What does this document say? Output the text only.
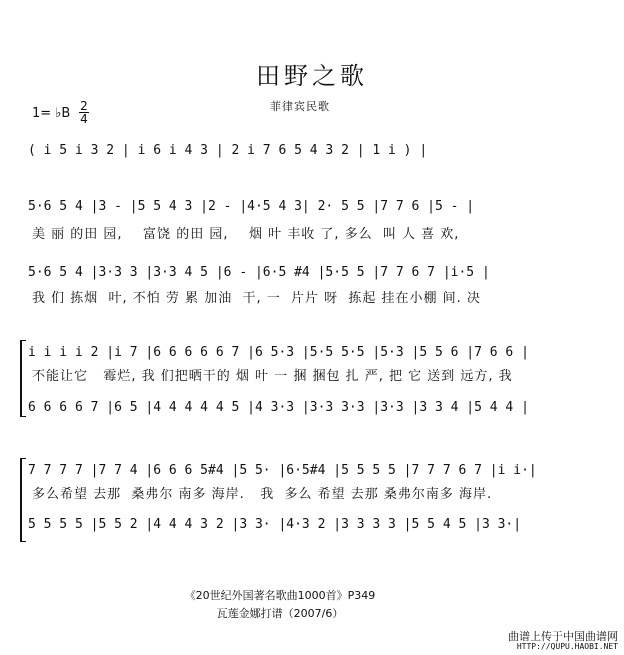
田野之歌
菲律宾民歌
1= ♭B 2
4
( i 5 i 3 2 | i 6 i 4 3 | 2 i 7 6 5 4 3 2 | 1 i ) |
5·6 5 4 |3 - |5 5 4 3 |2 - |4·5 4 3| 2· 5 5 |7 7 6 |5 - |
美 丽 的田 园,    富饶 的田 园,    烟 叶 丰收 了, 多么  叫 人 喜 欢,
5·6 5 4 |3·3 3 |3·3 4 5 |6 - |6·5 #4 |5·5 5 |7 7 6 7 |i·5 |
我 们 拣烟  叶, 不怕 劳 累 加油  干, 一  片片 呀  拣起 挂在小棚 间. 决
i i i i 2 |i 7 |6 6 6 6 6 7 |6 5·3 |5·5 5·5 |5·3 |5 5 6 |7 6 6 |
不能让它   霉烂, 我 们把晒干的 烟 叶 一 捆 捆包 扎 严, 把 它 送到 远方, 我
6 6 6 6 7 |6 5 |4 4 4 4 4 5 |4 3·3 |3·3 3·3 |3·3 |3 3 4 |5 4 4 |
7 7 7 7 |7 7 4 |6 6 6 5#4 |5 5· |6·5#4 |5 5 5 5 |7 7 7 6 7 |i i·|
多么希望 去那  桑弗尔 南多 海岸.   我  多么 希望 去那 桑弗尔南多 海岸.
5 5 5 5 |5 5 2 |4 4 4 3 2 |3 3· |4·3 2 |3 3 3 3 |5 5 4 5 |3 3·|
《20世纪外国著名歌曲1000首》P349
瓦莲金娜打谱（2007/6）
曲谱上传于中国曲谱网
HTTP://QUPU.HAOBI.NET
